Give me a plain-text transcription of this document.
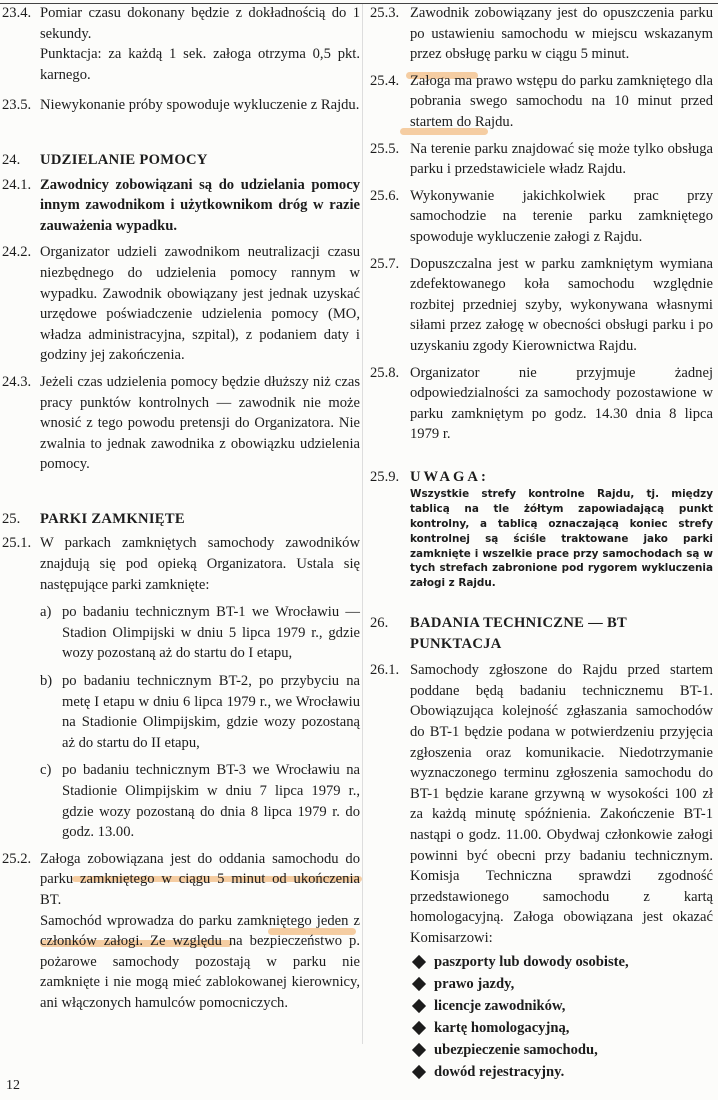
23.4. Pomiar czasu dokonany będzie z dokładnością do 1 sekundy.

Punktacja: za każdą 1 sek. załoga otrzyma 0,5 pkt. karnego.

23.5. Niewykonanie próby spowoduje wykluczenie z Rajdu.

24.	UDZIELANIE POMOCY
24.1. Zawodnicy zobowiązani są do udzielania pomocy innym zawodnikom i użytkownikom dróg w razie zauważenia wypadku.

24.2. Organizator udzieli zawodnikom neutralizacji czasu niezbędnego do udzielenia pomocy rannym w wypadku. Zawodnik obowiązany jest jednak uzyskać urzędowe poświadczenie udzielenia pomocy (MO, władza administracyjna, szpital), z podaniem daty i godziny jej zakończenia.

24.3. Jeżeli czas udzielenia pomocy będzie dłuższy niż czas pracy punktów kontrolnych — zawodnik nie może wnosić z tego powodu pretensji do Organizatora. Nie zwalnia to jednak zawodnika z obowiązku udzielenia pomocy.

25.	PARKI ZAMKNIĘTE
25.1. W parkach zamkniętych samochody zawodników znajdują się pod opieką Organizatora. Ustala się następujące parki zamknięte:

a) po badaniu technicznym BT-1 we Wrocławiu — Stadion Olimpijski w dniu 5 lipca 1979 r., gdzie wozy pozostaną aż do startu do I etapu,
b) po badaniu technicznym BT-2, po przybyciu na metę I etapu w dniu 6 lipca 1979 r., we Wrocławiu na Stadionie Olimpijskim, gdzie wozy pozostaną aż do startu do II etapu,
c) po badaniu technicznym BT-3 we Wrocławiu na Stadionie Olimpijskim w dniu 7 lipca 1979 r., gdzie wozy pozostaną do dnia 8 lipca 1979 r. do godz. 13.00.
25.2. Załoga zobowiązana jest do oddania samochodu do parku zamkniętego w ciągu 5 minut od ukończenia BT.

Samochód wprowadza do parku zamkniętego jeden z członków załogi. Ze względu na bezpieczeństwo p. pożarowe samochody pozostają w parku nie zamknięte i nie mogą mieć zablokowanej kierownicy, ani włączonych hamulców pomocniczych.

25.3. Zawodnik zobowiązany jest do opuszczenia parku po ustawieniu samochodu w miejscu wskazanym przez obsługę parku w ciągu 5 minut.

25.4. Załoga ma prawo wstępu do parku zamkniętego dla pobrania swego samochodu na 10 minut przed startem do Rajdu.

25.5. Na terenie parku znajdować się może tylko obsługa parku i przedstawiciele władz Rajdu.

25.6. Wykonywanie jakichkolwiek prac przy samochodzie na terenie parku zamkniętego spowoduje wykluczenie załogi z Rajdu.

25.7. Dopuszczalna jest w parku zamkniętym wymiana zdefektowanego koła samochodu względnie rozbitej przedniej szyby, wykonywana własnymi siłami przez załogę w obecności obsługi parku i po uzyskaniu zgody Kierownictwa Rajdu.

25.8. Organizator nie przyjmuje żadnej odpowiedzialności za samochody pozostawione w parku zamkniętym po godz. 14.30 dnia 8 lipca 1979 r.

25.9. UWAGA:

Wszystkie strefy kontrolne Rajdu, tj. między tablicą na tle żółtym zapowiadającą punkt kontrolny, a tablicą oznaczającą koniec strefy kontrolnej są ściśle traktowane jako parki zamknięte i wszelkie prace przy samochodach są w tych strefach zabronione pod rygorem wykluczenia załogi z Rajdu.

26.	BADANIA TECHNICZNE — BT
PUNKTACJA
26.1. Samochody zgłoszone do Rajdu przed startem poddane będą badaniu technicznemu BT-1. Obowiązująca kolejność zgłaszania samochodów do BT-1 będzie podana w potwierdzeniu przyjęcia zgłoszenia oraz komunikacie. Niedotrzymanie wyznaczonego terminu zgłoszenia samochodu do BT-1 będzie karane grzywną w wysokości 100 zł za każdą minutę spóźnienia. Zakończenie BT-1 nastąpi o godz. 11.00. Obydwaj członkowie załogi powinni być obecni przy badaniu technicznym. Komisja Techniczna sprawdzi zgodność przedstawionego samochodu z kartą homologacyjną. Załoga obowiązana jest okazać Komisarzowi:

paszporty lub dowody osobiste,
prawo jazdy,
licencje zawodników,
kartę homologacyjną,
ubezpieczenie samochodu,
dowód rejestracyjny.
12
